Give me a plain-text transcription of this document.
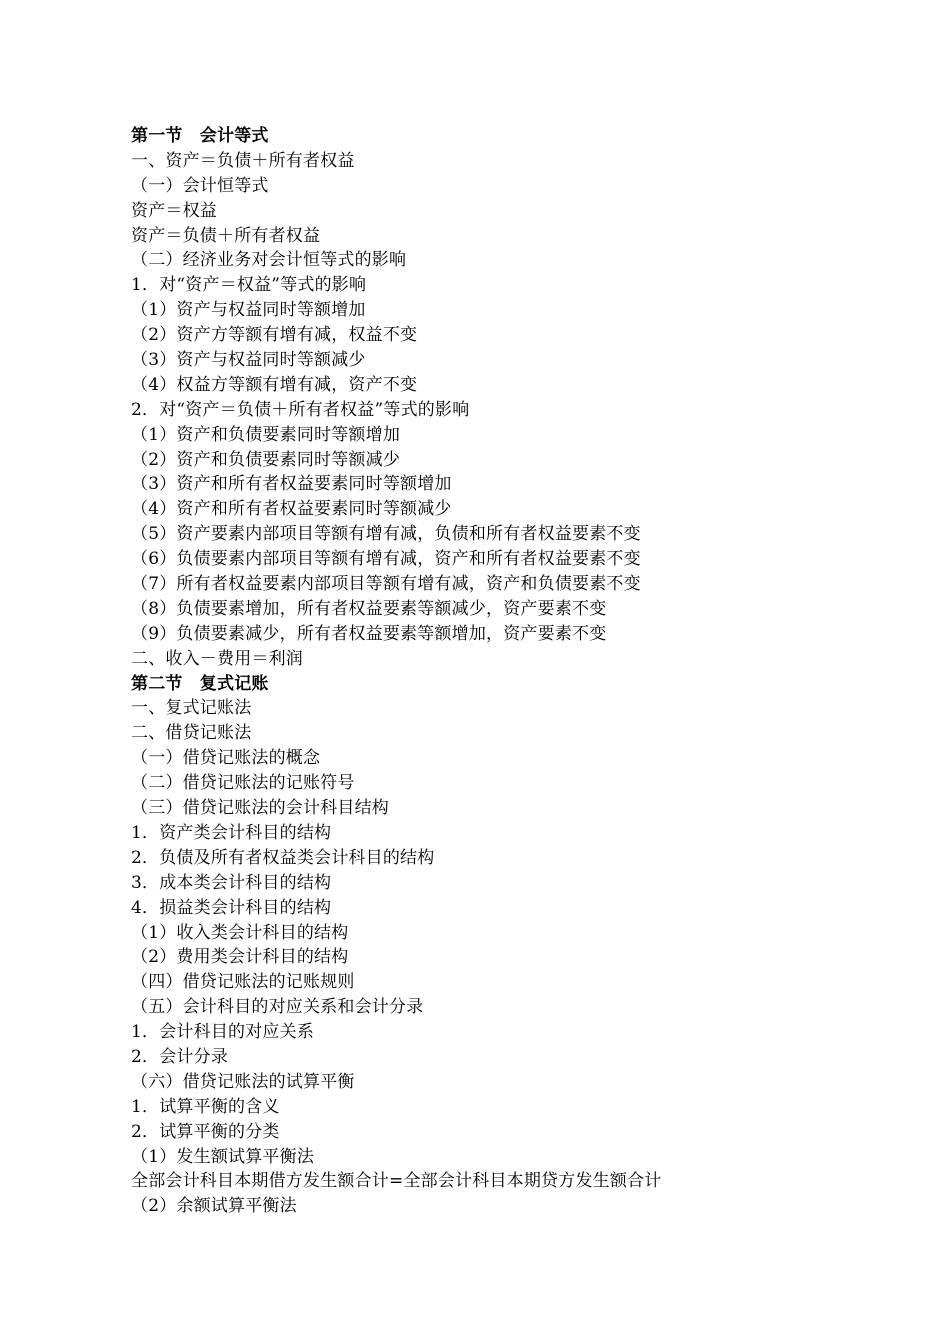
第一节　会计等式
一、资产＝负债＋所有者权益
（一）会计恒等式
资产＝权益
资产＝负债＋所有者权益
（二）经济业务对会计恒等式的影响
1．对“资产＝权益”等式的影响
（1）资产与权益同时等额增加
（2）资产方等额有增有减，权益不变
（3）资产与权益同时等额减少
（4）权益方等额有增有减，资产不变
2．对“资产＝负债＋所有者权益”等式的影响
（1）资产和负债要素同时等额增加
（2）资产和负债要素同时等额减少
（3）资产和所有者权益要素同时等额增加
（4）资产和所有者权益要素同时等额减少
（5）资产要素内部项目等额有增有减，负债和所有者权益要素不变
（6）负债要素内部项目等额有增有减，资产和所有者权益要素不变
（7）所有者权益要素内部项目等额有增有减，资产和负债要素不变
（8）负债要素增加，所有者权益要素等额减少，资产要素不变
（9）负债要素减少，所有者权益要素等额增加，资产要素不变
二、收入－费用＝利润
第二节　复式记账
一、复式记账法
二、借贷记账法
（一）借贷记账法的概念
（二）借贷记账法的记账符号
（三）借贷记账法的会计科目结构
1．资产类会计科目的结构
2．负债及所有者权益类会计科目的结构
3．成本类会计科目的结构
4．损益类会计科目的结构
（1）收入类会计科目的结构
（2）费用类会计科目的结构
（四）借贷记账法的记账规则
（五）会计科目的对应关系和会计分录
1．会计科目的对应关系
2．会计分录
（六）借贷记账法的试算平衡
1．试算平衡的含义
2．试算平衡的分类
（1）发生额试算平衡法
全部会计科目本期借方发生额合计=全部会计科目本期贷方发生额合计
（2）余额试算平衡法
